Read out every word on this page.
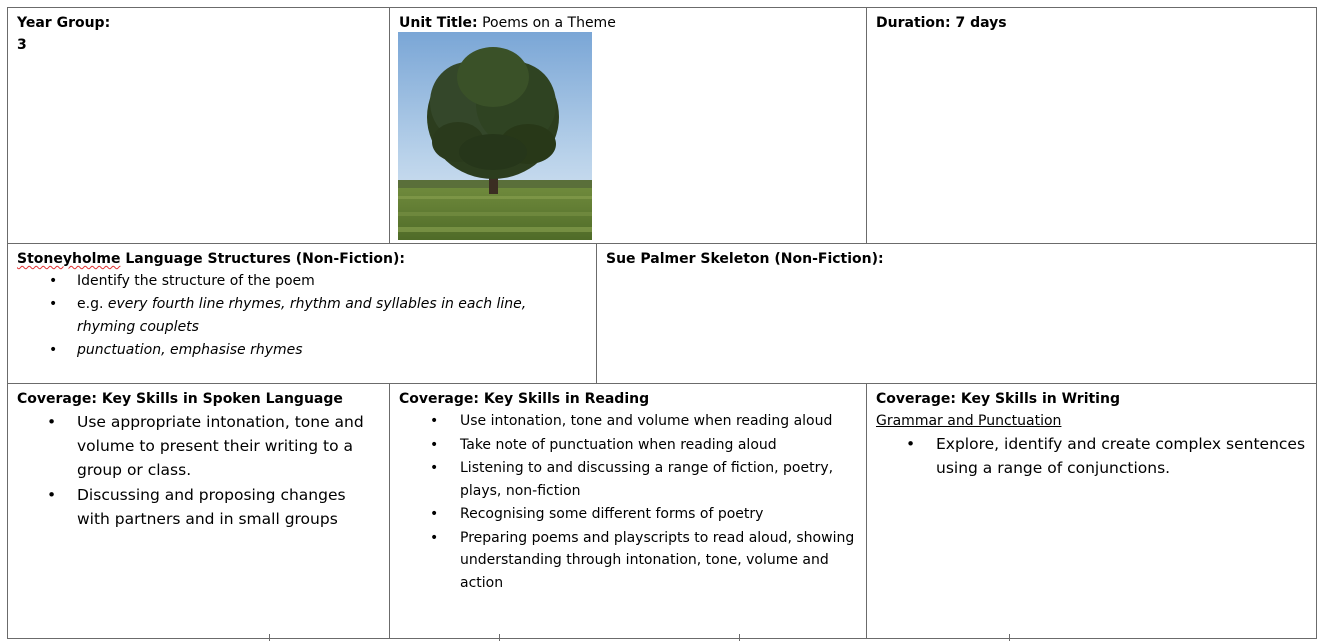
Year Group:
3
Unit Title: Poems on a Theme	Duration: 7 days
Stoneyholme Language Structures (Non-Fiction):
• Identify the structure of the poem
• e.g. every fourth line rhymes, rhythm and syllables in each line, rhyming couplets
• punctuation, emphasise rhymes
Sue Palmer Skeleton (Non-Fiction):
Coverage: Key Skills in Spoken Language
• Use appropriate intonation, tone and volume to present their writing to a group or class.
• Discussing and proposing changes with partners and in small groups
Coverage: Key Skills in Reading
• Use intonation, tone and volume when reading aloud
• Take note of punctuation when reading aloud
• Listening to and discussing a range of fiction, poetry, plays, non-fiction
• Recognising some different forms of poetry
• Preparing poems and playscripts to read aloud, showing understanding through intonation, tone, volume and action
Coverage: Key Skills in Writing
Grammar and Punctuation
• Explore, identify and create complex sentences using a range of conjunctions.
